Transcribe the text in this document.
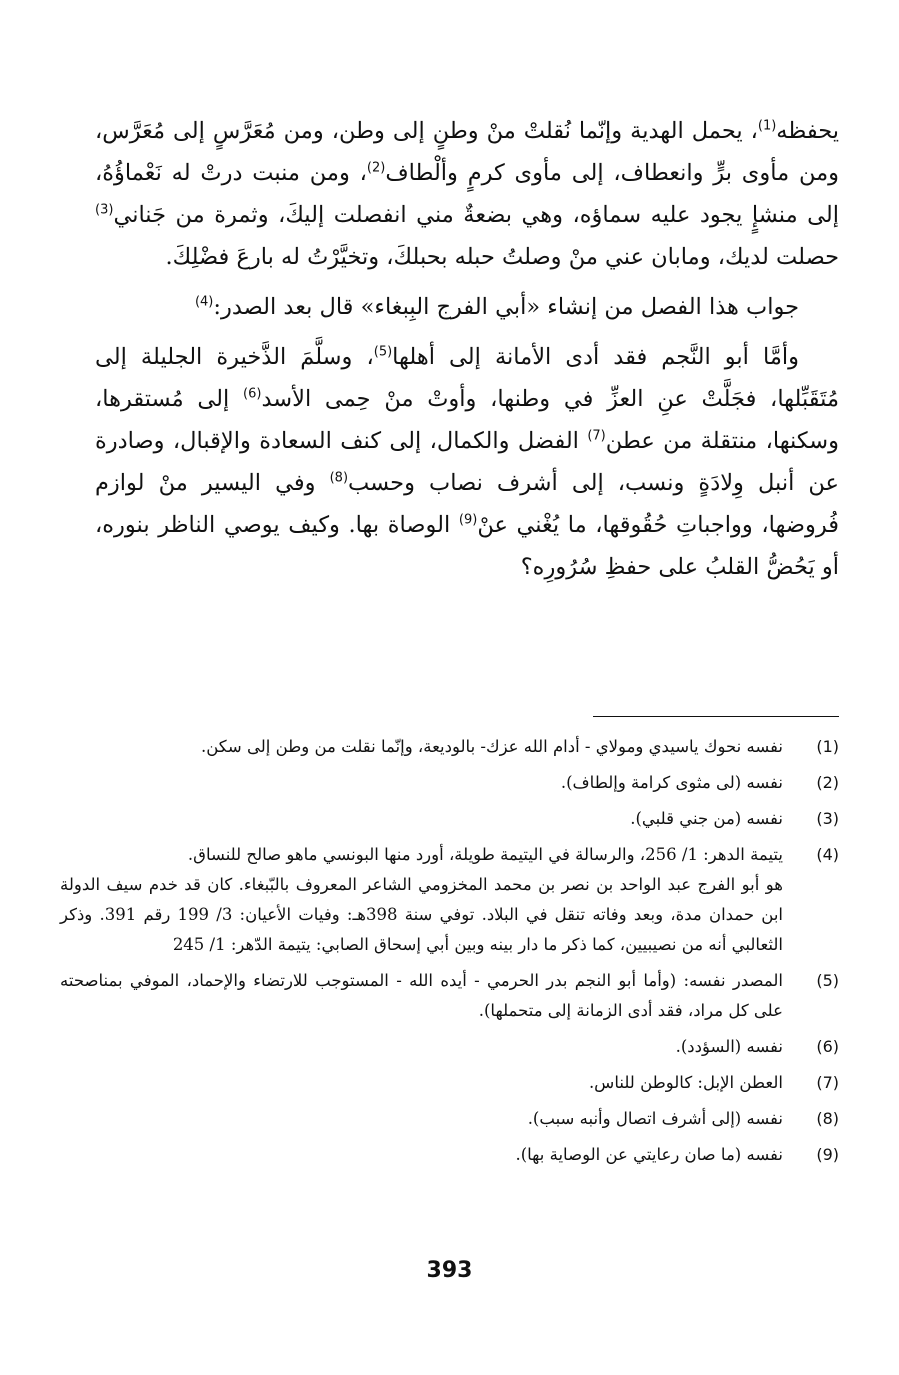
يحفظه$^{(1)}$، يحمل الهدية وإنّما نُقلتْ منْ وطنٍ إلى وطن، ومن مُعَرَّسٍ إلى مُعَرَّس، ومن مأوى برٍّ وانعطاف، إلى مأوى كرمٍ وألْطاف$^{(2)}$، ومن منبت درتْ له نَعْماؤُهُ، إلى منشإٍ يجود عليه سماؤه، وهي بضعةٌ مني انفصلت إليكَ، وثمرة من جَناني$^{(3)}$ حصلت لديك، ومابان عني منْ وصلتُ حبله بحبلكَ، وتخيَّرْتُ له بارعَ فضْلِكَ.

جواب هذا الفصل من إنشاء «أبي الفرج البِبغاء» قال بعد الصدر:$^{(4)}$

وأمَّا أبو النَّجم فقد أدى الأمانة إلى أهلها$^{(5)}$، وسلَّمَ الذَّخيرة الجليلة إلى مُتَقَبِّلها، فجَلَّتْ عنِ العزِّ في وطنها، وأوتْ منْ حِمى الأسد$^{(6)}$ إلى مُستقرها، وسكنها، منتقلة من عطن$^{(7)}$ الفضل والكمال، إلى كنف السعادة والإقبال، وصادرة عن أنبل وِلادَةٍ ونسب، إلى أشرف نصاب وحسب$^{(8)}$ وفي اليسير منْ لوازم فُروضها، وواجباتِ حُقُوقها، ما يُغْني عنْ$^{(9)}$ الوصاة بها. وكيف يوصي الناظر بنوره، أو يَحُضُّ القلبُ على حفظِ سُرُورِه؟

(1)

نفسه نحوك ياسيدي ومولاي - أدام الله عزك- بالوديعة، وإنّما نقلت من وطن إلى سكن.

(2)

نفسه (لى مثوى كرامة وإلطاف).

(3)

نفسه (من جني قلبي).

(4)

يتيمة الدهر: 1/ 256، والرسالة في اليتيمة طويلة، أورد منها البونسي ماهو صالح للنساق.

هو أبو الفرج عبد الواحد بن نصر بن محمد المخزومي الشاعر المعروف بالبّبغاء. كان قد خدم سيف الدولة ابن حمدان مدة، وبعد وفاته تنقل في البلاد. توفي سنة 398هـ: وفيات الأعيان: 3/ 199 رقم 391. وذكر الثعالبي أنه من نصيبيين، كما ذكر ما دار بينه وبين أبي إسحاق الصابي: يتيمة الدّهر: 1/ 245

(5)

المصدر نفسه: (وأما أبو النجم بدر الحرمي - أيده الله - المستوجب للارتضاء والإحماد، الموفي بمناصحته على كل مراد، فقد أدى الزمانة إلى متحملها).

(6)

نفسه (السؤدد).

(7)

العطن الإبل: كالوطن للناس.

(8)

نفسه (إلى أشرف اتصال وأنبه سبب).

(9)

نفسه (ما صان رعايتي عن الوصاية بها).

393
